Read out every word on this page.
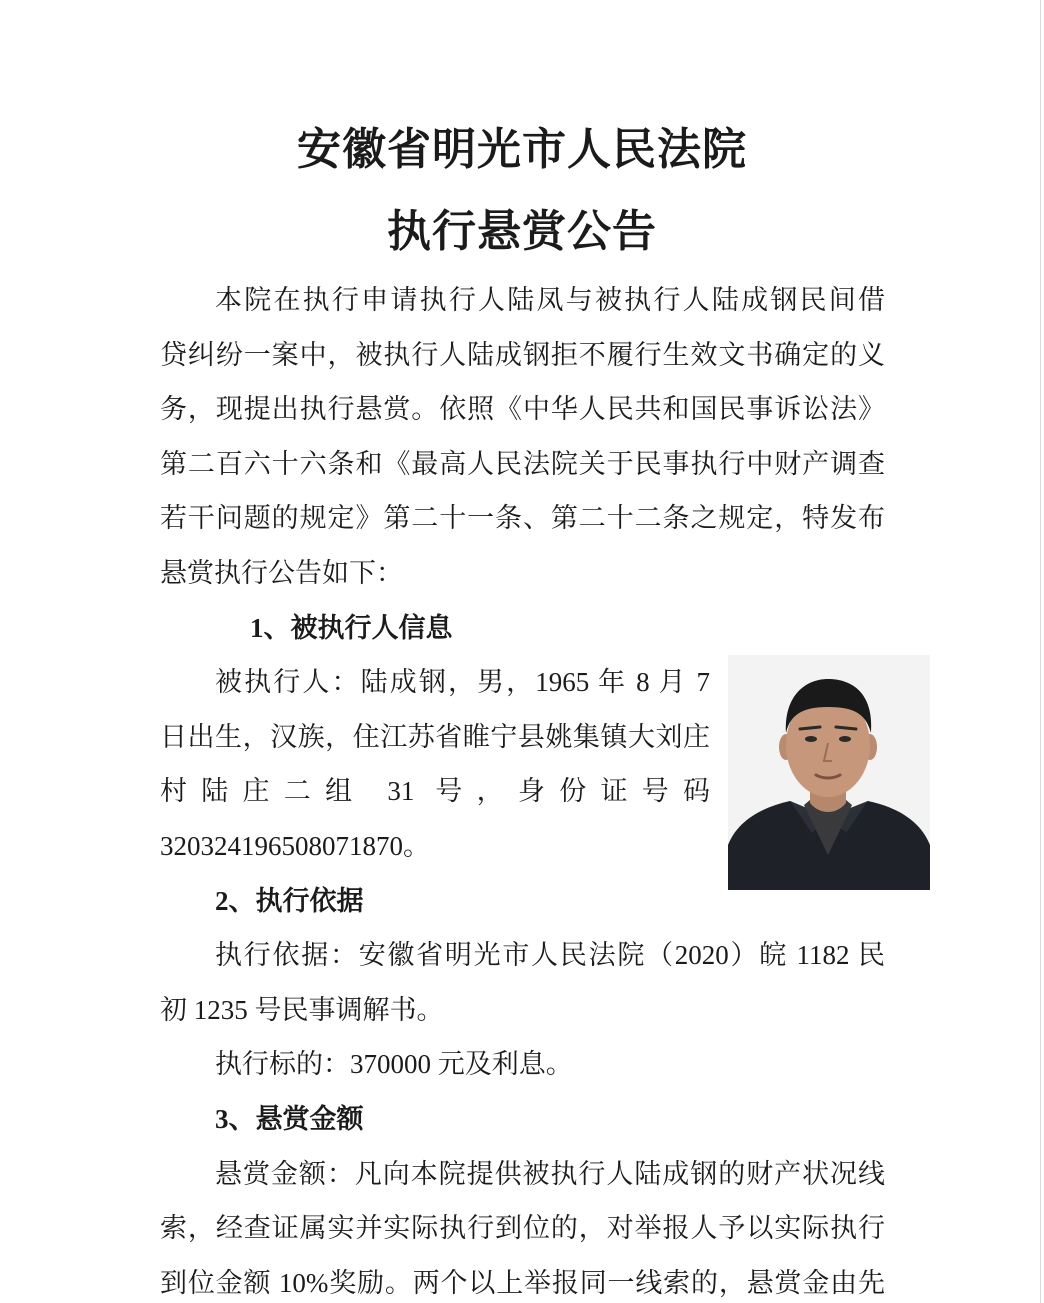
安徽省明光市人民法院
执行悬赏公告
本院在执行申请执行人陆凤与被执行人陆成钢民间借
贷纠纷一案中，被执行人陆成钢拒不履行生效文书确定的义
务，现提出执行悬赏。依照《中华人民共和国民事诉讼法》
第二百六十六条和《最高人民法院关于民事执行中财产调查
若干问题的规定》第二十一条、第二十二条之规定，特发布
悬赏执行公告如下：
1、被执行人信息
被执行人：陆成钢，男，1965 年 8 月 7
日出生，汉族，住江苏省睢宁县姚集镇大刘庄
村陆庄二组 31 号，身份证号码
320324196508071870。
2、执行依据
执行依据：安徽省明光市人民法院（2020）皖 1182 民
初 1235 号民事调解书。
执行标的：370000 元及利息。
3、悬赏金额
悬赏金额：凡向本院提供被执行人陆成钢的财产状况线
索，经查证属实并实际执行到位的，对举报人予以实际执行
到位金额 10%奖励。两个以上举报同一线索的，悬赏金由先
